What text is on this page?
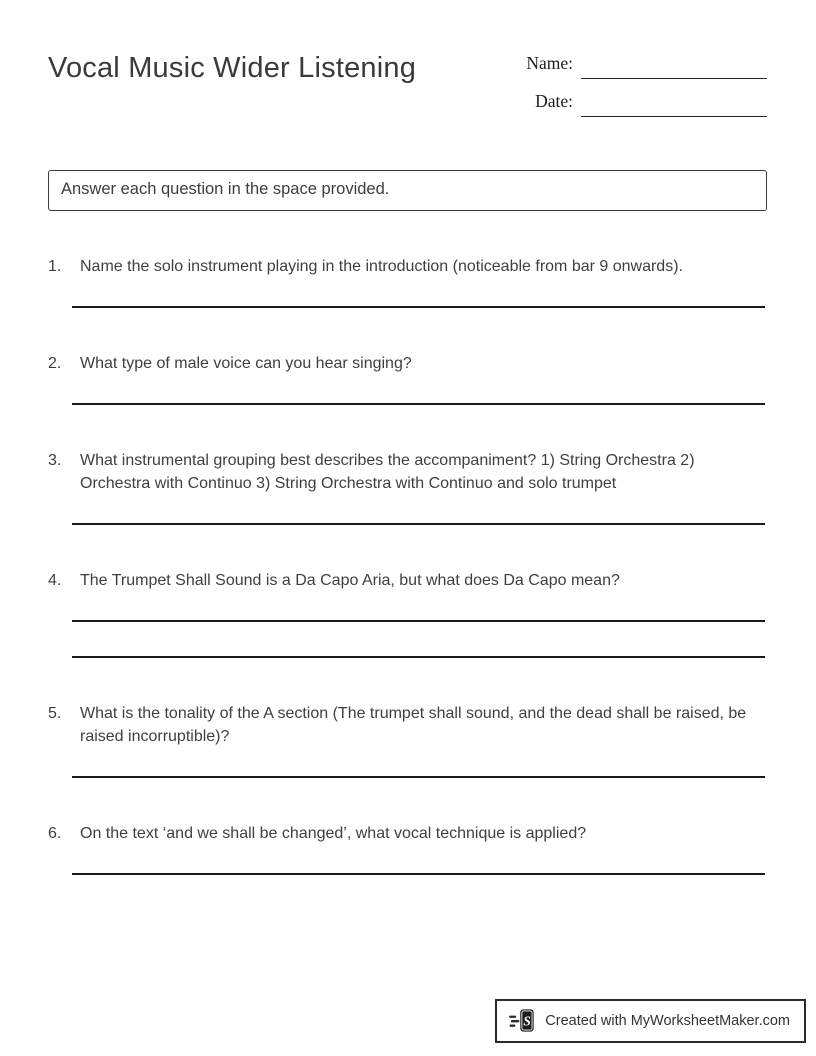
Vocal Music Wider Listening	Name:
Date:
Answer each question in the space provided.
1.	Name the solo instrument playing in the introduction (noticeable from bar 9 onwards).
2.	What type of male voice can you hear singing?
3.	What instrumental grouping best describes the accompaniment? 1) String Orchestra 2) Orchestra with Continuo 3) String Orchestra with Continuo and solo trumpet
4.	The Trumpet Shall Sound is a Da Capo Aria, but what does Da Capo mean?
5.	What is the tonality of the A section (The trumpet shall sound, and the dead shall be raised, be raised incorruptible)?
6.	On the text ‘and we shall be changed’, what vocal technique is applied?
S Created with MyWorksheetMaker.com
